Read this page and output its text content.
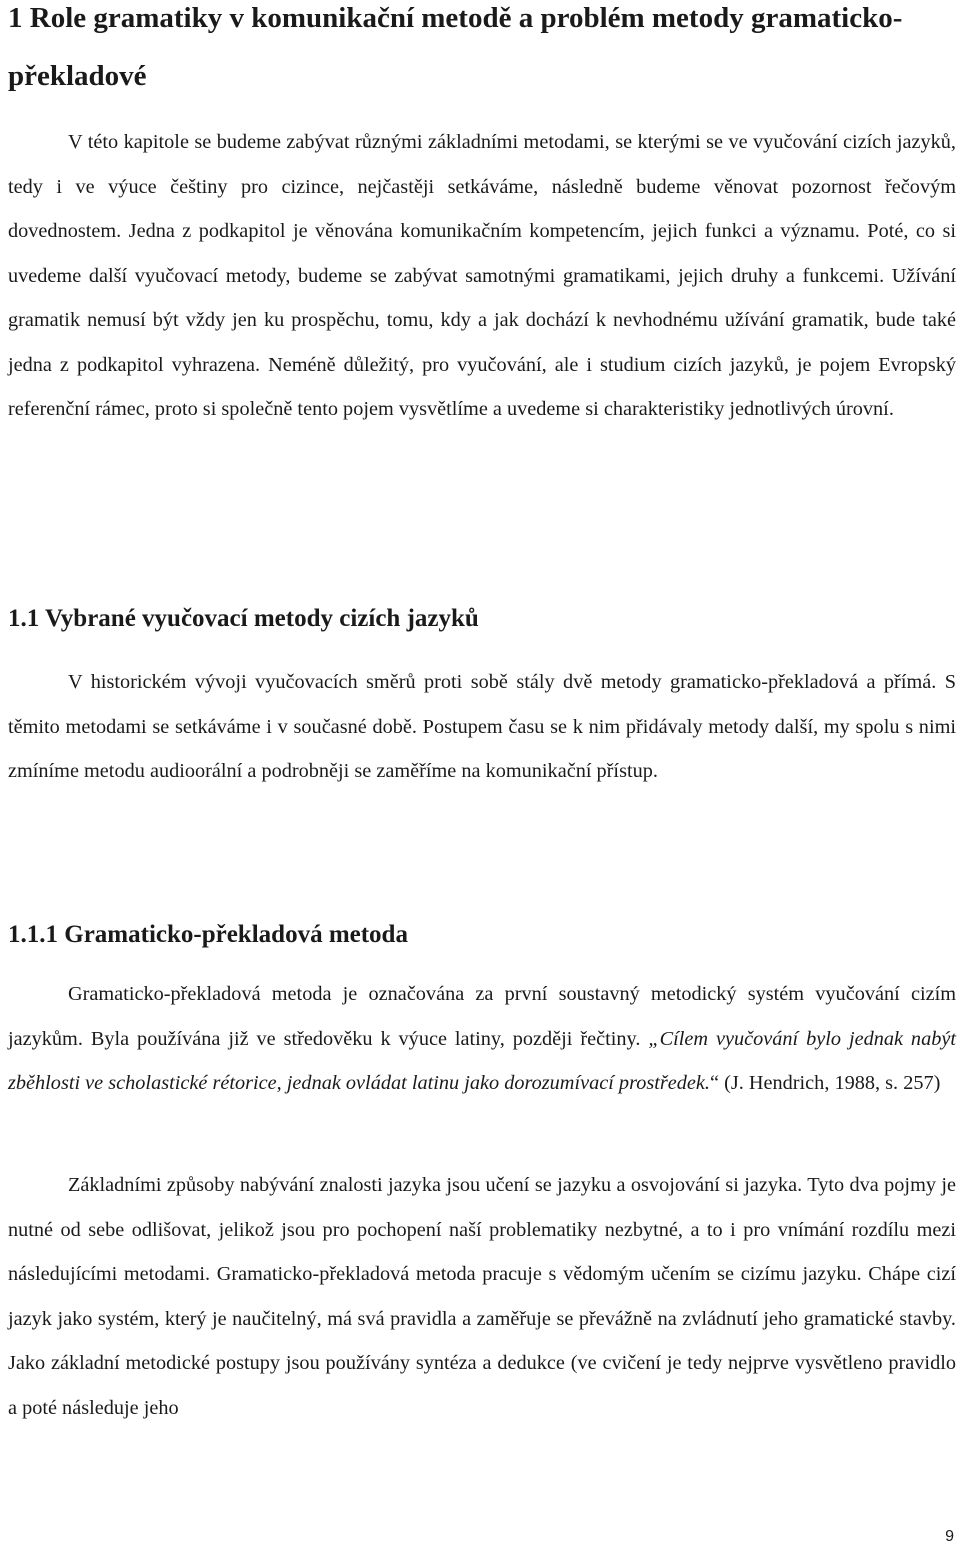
1 Role gramatiky v komunikační metodě a problém metody gramaticko-překladové

V této kapitole se budeme zabývat různými základními metodami, se kterými se ve vyučování cizích jazyků, tedy i ve výuce češtiny pro cizince, nejčastěji setkáváme, následně budeme věnovat pozornost řečovým dovednostem. Jedna z podkapitol je věnována komunikačním kompetencím, jejich funkci a významu. Poté, co si uvedeme další vyučovací metody, budeme se zabývat samotnými gramatikami, jejich druhy a funkcemi. Užívání gramatik nemusí být vždy jen ku prospěchu, tomu, kdy a jak dochází k nevhodnému užívání gramatik, bude také jedna z podkapitol vyhrazena. Neméně důležitý, pro vyučování, ale i studium cizích jazyků, je pojem Evropský referenční rámec, proto si společně tento pojem vysvětlíme a uvedeme si charakteristiky jednotlivých úrovní.

1.1 Vybrané vyučovací metody cizích jazyků

V historickém vývoji vyučovacích směrů proti sobě stály dvě metody gramaticko-překladová a přímá. S těmito metodami se setkáváme i v současné době. Postupem času se k nim přidávaly metody další, my spolu s nimi zmíníme metodu audioorální a podrobněji se zaměříme na komunikační přístup.

1.1.1 Gramaticko-překladová metoda

Gramaticko-překladová metoda je označována za první soustavný metodický systém vyučování cizím jazykům. Byla používána již ve středověku k výuce latiny, později řečtiny. „Cílem vyučování bylo jednak nabýt zběhlosti ve scholastické rétorice, jednak ovládat latinu jako dorozumívací prostředek.“ (J. Hendrich, 1988, s. 257)

Základními způsoby nabývání znalosti jazyka jsou učení se jazyku a osvojování si jazyka. Tyto dva pojmy je nutné od sebe odlišovat, jelikož jsou pro pochopení naší problematiky nezbytné, a to i pro vnímání rozdílu mezi následujícími metodami. Gramaticko-překladová metoda pracuje s vědomým učením se cizímu jazyku. Chápe cizí jazyk jako systém, který je naučitelný, má svá pravidla a zaměřuje se převážně na zvládnutí jeho gramatické stavby. Jako základní metodické postupy jsou používány syntéza a dedukce (ve cvičení je tedy nejprve vysvětleno pravidlo a poté následuje jeho

9
